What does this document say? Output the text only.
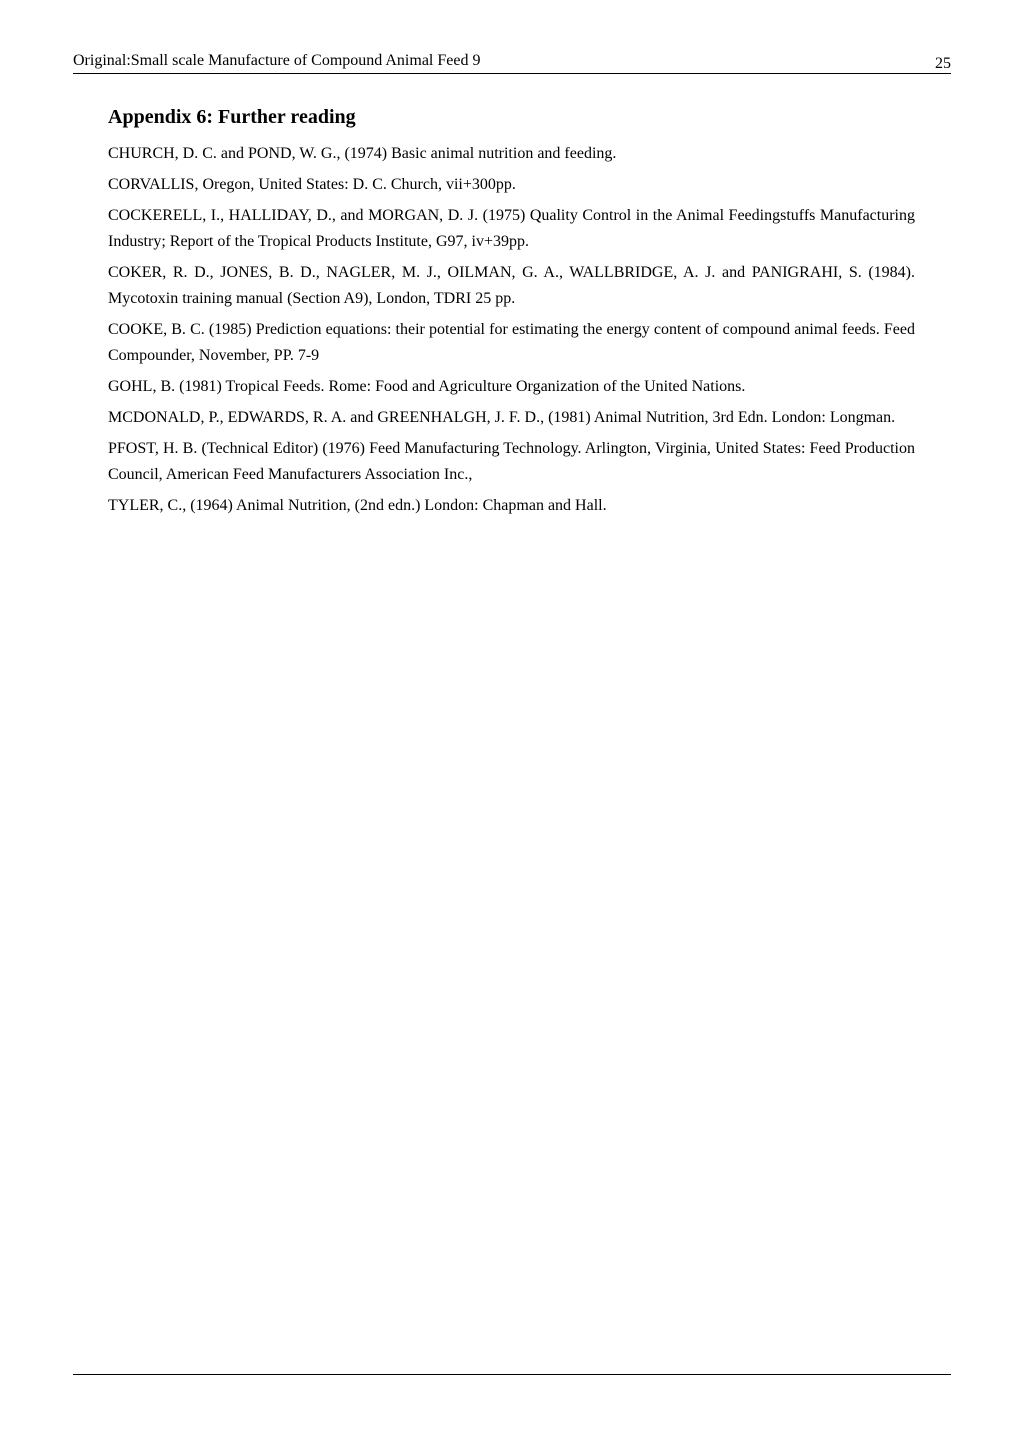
Original:Small scale Manufacture of Compound Animal Feed 9	25
Appendix 6: Further reading

CHURCH, D. C. and POND, W. G., (1974) Basic animal nutrition and feeding.

CORVALLIS, Oregon, United States: D. C. Church, vii+300pp.

COCKERELL, I., HALLIDAY, D., and MORGAN, D. J. (1975) Quality Control in the Animal Feedingstuffs Manufacturing Industry; Report of the Tropical Products Institute, G97, iv+39pp.

COKER, R. D., JONES, B. D., NAGLER, M. J., OILMAN, G. A., WALLBRIDGE, A. J. and PANIGRAHI, S. (1984). Mycotoxin training manual (Section A9), London, TDRI 25 pp.

COOKE, B. C. (1985) Prediction equations: their potential for estimating the energy content of compound animal feeds. Feed Compounder, November, PP. 7-9

GOHL, B. (1981) Tropical Feeds. Rome: Food and Agriculture Organization of the United Nations.

MCDONALD, P., EDWARDS, R. A. and GREENHALGH, J. F. D., (1981) Animal Nutrition, 3rd Edn. London: Longman.

PFOST, H. B. (Technical Editor) (1976) Feed Manufacturing Technology. Arlington, Virginia, United States: Feed Production Council, American Feed Manufacturers Association Inc.,

TYLER, C., (1964) Animal Nutrition, (2nd edn.) London: Chapman and Hall.
